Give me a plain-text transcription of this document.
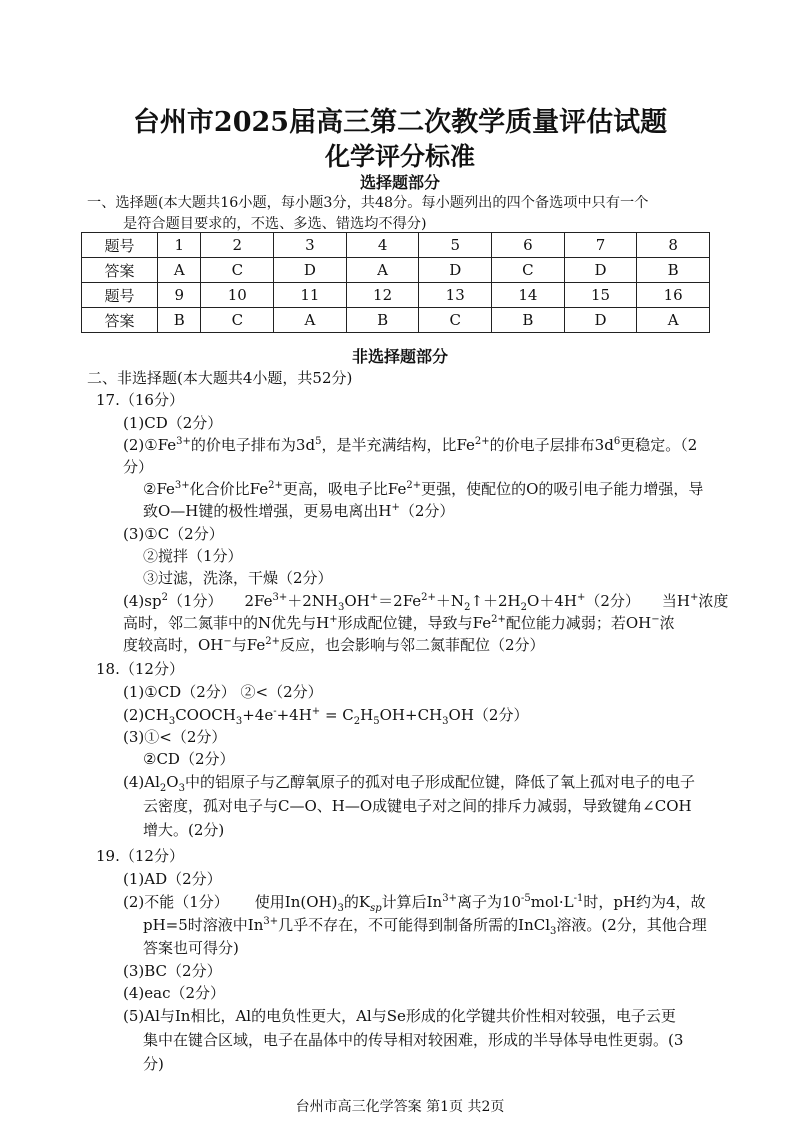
台州市2025届高三第二次教学质量评估试题
化学评分标准
选择题部分
一、选择题(本大题共16小题，每小题3分，共48分。每小题列出的四个备选项中只有一个
是符合题目要求的，不选、多选、错选均不得分)
题号	1	2	3	4	5	6	7	8
答案	A	C	D	A	D	C	D	B
题号	9	10	11	12	13	14	15	16
答案	B	C	A	B	C	B	D	A
非选择题部分
二、非选择题(本大题共4小题，共52分)
17.（16分）
(1)CD（2分）
$(2)①Fe^{3+}$的价电子排布为$3d^5$，是半充满结构，比$Fe^{2+}$的价电子层排布$3d^6$更稳定。（2
分）
$②Fe^{3+}$化合价比$Fe^{2+}$更高，吸电子比$Fe^{2+}$更强，使配位的O的吸引电子能力增强，导
致O—H键的极性增强，更易电离出H+（2分）
(3)①C（2分）
②搅拌（1分）
③过滤，洗涤，干燥（2分）
$(4)sp^2(1$分） $2Fe^{3+}+2NH_3OH^+=2Fe^{2+}+N_2↑+2H_2O+4H^+(2$分） 当H+浓度
高时，邻二氮菲中的N优先与H+形成配位键，导致与$Fe^{2+}$配位能力减弱；若OH−浓
度较高时，OH−与$Fe^{2+}$反应，也会影响与邻二氮菲配位（2分）
18.（12分）
(1)①CD（2分） ②<（2分）
$(2)CH_3COOCH_3+4e^-+4H^+ = C_2H_5OH+CH_3OH(2$分）
(3)①<（2分）
②CD（2分）
$(4)Al_2O_3$中的铝原子与乙醇氧原子的孤对电子形成配位键，降低了氧上孤对电子的电子
云密度，孤对电子与C—O、H—O成键电子对之间的排斥力减弱，导致键角∠COH
增大。(2分)
19.（12分）
(1)AD（2分）
(2)不能（1分） 使用$In(OH)_3$的$K_{sp}$计算后$In^{3+}$离子为$10^{-5}mol\cdot L^{-1}$时，pH约为4，故
pH=5时溶液中$In^{3+}$几乎不存在，不可能得到制备所需的InCl$_3$溶液。(2分，其他合理
答案也可得分)
(3)BC（2分）
(4)eac（2分）
(5)Al与In相比，Al的电负性更大，Al与Se形成的化学键共价性相对较强，电子云更
集中在键合区域，电子在晶体中的传导相对较困难，形成的半导体导电性更弱。(3
分)
台州市高三化学答案 第1页 共2页
